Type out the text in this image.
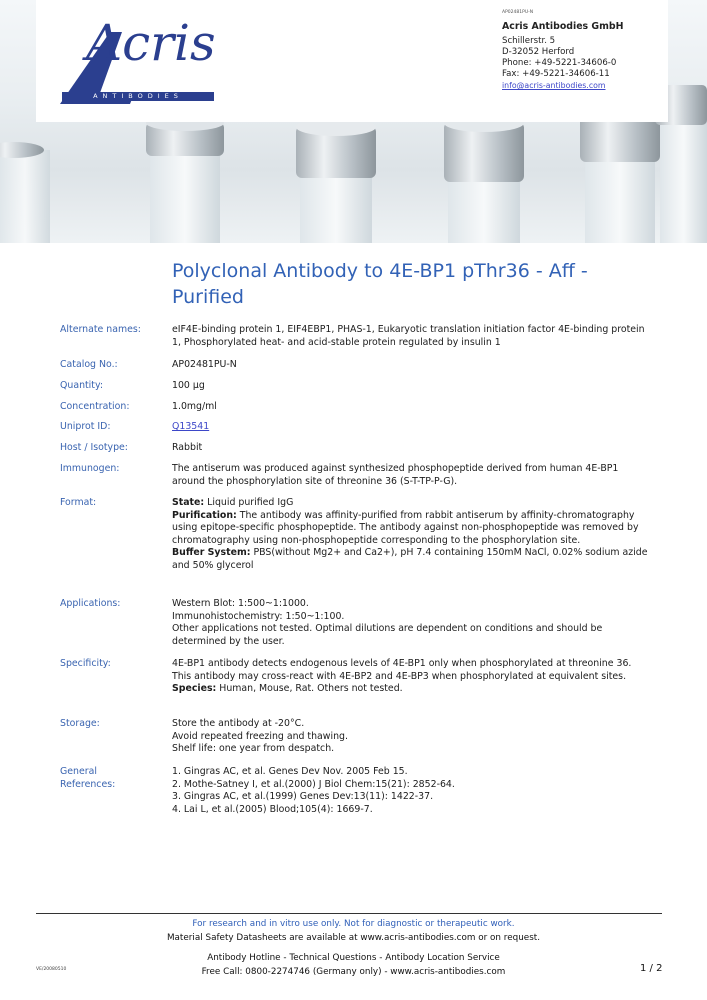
Acris
ANTIBODIES
AP02481PU-N
Acris Antibodies GmbH
Schillerstr. 5
D-32052 Herford
Phone: +49-5221-34606-0
Fax: +49-5221-34606-11
info@acris-antibodies.com
Polyclonal Antibody to 4E-BP1 pThr36 - Aff - Purified
Alternate names:	eIF4E-binding protein 1, EIF4EBP1, PHAS-1, Eukaryotic translation initiation factor 4E-binding protein 1, Phosphorylated heat- and acid-stable protein regulated by insulin 1
Catalog No.:	AP02481PU-N
Quantity:	100 µg
Concentration:	1.0mg/ml
Uniprot ID:	Q13541
Host / Isotype:	Rabbit
Immunogen:	The antiserum was produced against synthesized phosphopeptide derived from human 4E-BP1 around the phosphorylation site of threonine 36 (S-T-TP-P-G).
Format:	State: Liquid purified IgG
Purification: The antibody was affinity-purified from rabbit antiserum by affinity-chromatography using epitope-specific phosphopeptide. The antibody against non-phosphopeptide was removed by chromatography using non-phosphopeptide corresponding to the phosphorylation site.
Buffer System: PBS(without Mg2+ and Ca2+), pH 7.4 containing 150mM NaCl, 0.02% sodium azide and 50% glycerol
Applications:	Western Blot: 1:500~1:1000.
Immunohistochemistry: 1:50~1:100.
Other applications not tested. Optimal dilutions are dependent on conditions and should be determined by the user.
Specificity:	4E-BP1 antibody detects endogenous levels of 4E-BP1 only when phosphorylated at threonine 36. This antibody may cross-react with 4E-BP2 and 4E-BP3 when phosphorylated at equivalent sites.
Species: Human, Mouse, Rat. Others not tested.
Storage:	Store the antibody at -20°C.
Avoid repeated freezing and thawing.
Shelf life: one year from despatch.
General
References:
1. Gingras AC, et al. Genes Dev Nov. 2005 Feb 15.
2. Mothe-Satney I, et al.(2000) J Biol Chem:15(21): 2852-64.
3. Gingras AC, et al.(1999) Genes Dev:13(11): 1422-37.
4. Lai L, et al.(2005) Blood;105(4): 1669-7.
For research and in vitro use only. Not for diagnostic or therapeutic work.
Material Safety Datasheets are available at www.acris-antibodies.com or on request.
Antibody Hotline - Technical Questions - Antibody Location Service
Free Call: 0800-2274746 (Germany only) - www.acris-antibodies.com
VE/20080510	1 / 2
